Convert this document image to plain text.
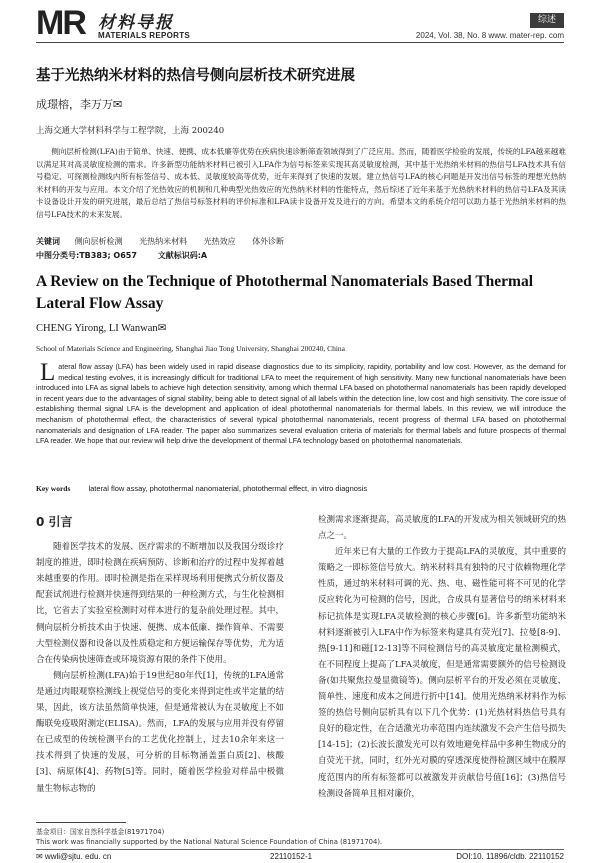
MR 材料导报
MATERIALS REPORTS
综述
2024, Vol. 38, No. 8 www. mater-rep. com
基于光热纳米材料的热信号侧向层析技术研究进展
成璟榕，李万万✉
上海交通大学材料科学与工程学院，上海 200240
侧向层析检测(LFA)由于简单、快速、便携、成本低廉等优势在疾病快速诊断筛查领域得到了广泛应用。然而，随着医学检验的发展，传统的LFA越来越难以满足其对高灵敏度检测的需求。许多新型功能纳米材料已被引入LFA作为信号标签来实现其高灵敏度检测，其中基于光热纳米材料的热信号LFA技术具有信号稳定、可探测检测线内所有标签信号、成本低、灵敏度较高等优势，近年来得到了快速的发展。建立热信号LFA的核心问题是开发出信号标签的理想光热纳米材料的开发与应用。本文介绍了光热效应的机制和几种典型光热效应的光热纳米材料的性能特点，然后综述了近年来基于光热纳米材料的热信号LFA及其读卡设备设计开发的研究进展，最后总结了热信号标签材料的评价标准和LFA读卡设备开发及进行的方向。希望本文的系统介绍可以助力基于光热纳米材料的热信号LFA技术的未来发展。
关键词 侧向层析检测 光热纳米材料 光热效应 体外诊断
中图分类号:TB383; O657	文献标识码:A
A Review on the Technique of Photothermal Nanomaterials Based Thermal Lateral Flow Assay
CHENG Yirong, LI Wanwan✉
School of Materials Science and Engineering, Shanghai Jiao Tong University, Shanghai 200240, China
Lateral flow assay (LFA) has been widely used in rapid disease diagnostics due to its simplicity, rapidity, portability and low cost. However, as the demand for medical testing evolves, it is increasingly difficult for traditional LFA to meet the requirement of high sensitivity. Many new functional nanomaterials have been introduced into LFA as signal labels to achieve high detection sensitivity, among which thermal LFA based on photothermal nanomaterials has been rapidly developed in recent years due to the advantages of signal stability, being able to detect signal of all labels within the detection line, low cost and high sensitivity. The core issue of establishing thermal signal LFA is the development and application of ideal photothermal nanomaterials for thermal labels. In this review, we will introduce the mechanism of photothermal effect, the characteristics of several typical photothermal nanomaterials, recent progress of thermal LFA based on photothermal nanomaterials and designation of LFA reader. The paper also summarizes several evaluation criteria of materials for thermal labels and future prospects of thermal LFA reader. We hope that our review will help drive the development of thermal LFA technology based on photothermal nanomaterials.
Key words lateral flow assay, photothermal nanomaterial, photothermal effect, in vitro diagnosis
0 引言

随着医学技术的发展、医疗需求的不断增加以及我国分级诊疗制度的推进，即时检测在疾病预防、诊断和治疗的过程中发挥着越来越重要的作用。即时检测是指在采样现场利用便携式分析仪器及配套试剂进行检测并快速得到结果的一种检测方式，与生化检测相比，它省去了实验室检测时对样本进行的复杂前处理过程。其中，侧向层析分析技术由于快速、便携、成本低廉、操作简单、不需要大型检测仪器和设备以及性质稳定和方便运输保存等优势，尤为适合在传染病快速筛查或环境资源有限的条件下使用。

侧向层析检测(LFA)始于19世纪80年代[1]，传统的LFA通常是通过肉眼观察检测线上视觉信号的变化来得到定性或半定量的结果，因此，该方法虽然简单快速，但是通常被认为在灵敏度上不如酶联免疫吸附测定(ELISA)。然而，LFA的发展与应用并没有停留在已成型的传统检测平台的工艺优化控制上，过去10余年来这一技术得到了快速的发展，可分析的目标物涵盖蛋白质[2]、核酸[3]、病原体[4]、药物[5]等。同时，随着医学检验对样品中极微量生物标志物的

检测需求逐渐提高，高灵敏度的LFA的开发成为相关领域研究的热点之一。

近年来已有大量的工作致力于提高LFA的灵敏度，其中重要的策略之一即标签信号放大。纳米材料具有独特的尺寸依赖物理化学性质，通过纳米材料可调的光、热、电、磁性能可将不可见的化学反应转化为可检测的信号，因此，合成具有显著信号的纳米材料来标记抗体是实现LFA灵敏检测的核心步骤[6]。许多新型功能纳米材料逐渐被引入LFA中作为标签来构建具有荧光[7]、拉曼[8-9]、热[9-11]和磁[12-13]等不同检测信号的高灵敏度定量检测模式，在不同程度上提高了LFA灵敏度，但是通常需要额外的信号检测设备(如共聚焦拉曼显微镜等)。侧向层析平台的开发必须在灵敏度、简单性、速度和成本之间进行折中[14]。使用光热纳米材料作为标签的热信号侧向层析具有以下几个优势：(1)光热材料热信号具有良好的稳定性，在合适激光功率范围内连续激发不会产生信号损失[14-15]；(2)长波长激发光可以有效地避免样品中多种生物成分的自荧光干扰，同时，红外光对膜的穿透深度使得检测区域中在膜厚度范围内的所有标签都可以被激发并贡献信号值[16]；(3)热信号检测设备简单且相对廉价，

基金项目：国家自然科学基金(81971704)
This work was financially supported by the National Natural Science Foundation of China (81971704).
✉ wwli@sjtu. edu. cn	22110152-1	DOI:10. 11896/cldb. 22110152
